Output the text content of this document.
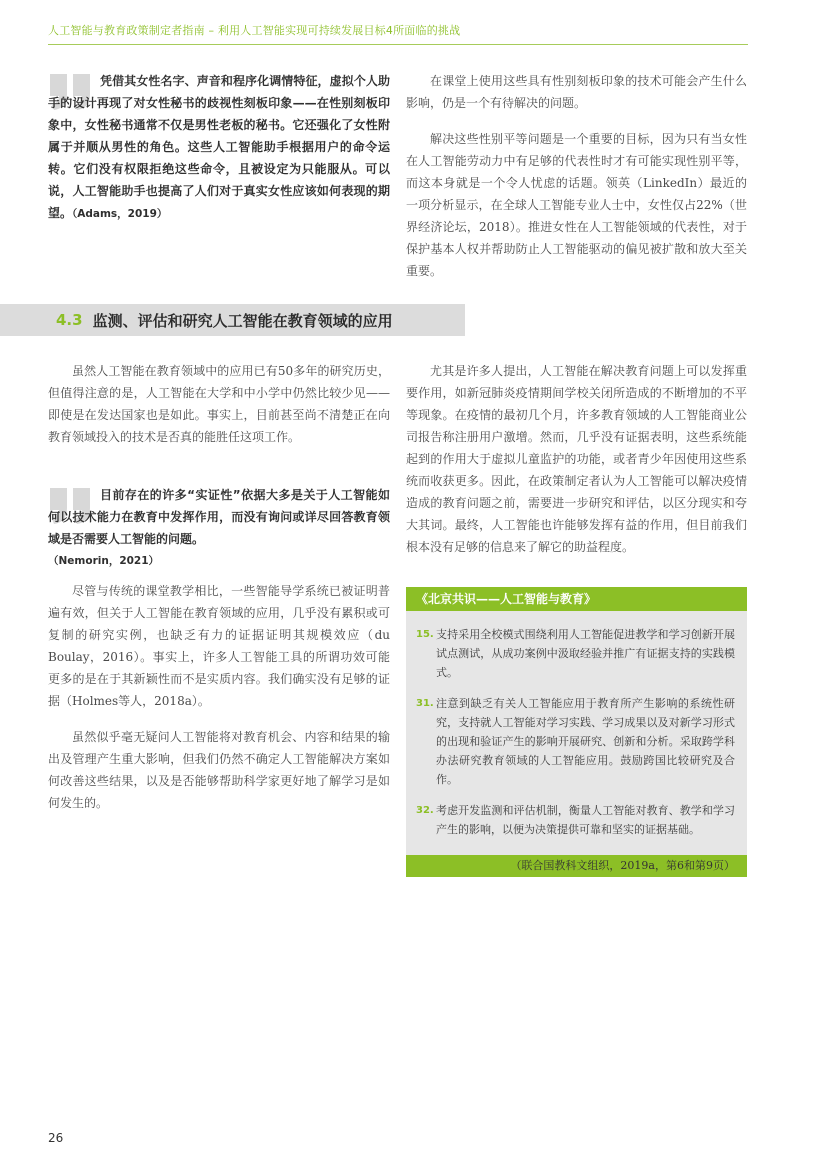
人工智能与教育政策制定者指南 – 利用人工智能实现可持续发展目标4所面临的挑战

凭借其女性名字、声音和程序化调情特征，虚拟个人助手的设计再现了对女性秘书的歧视性刻板印象——在性别刻板印象中，女性秘书通常不仅是男性老板的秘书。它还强化了女性附属于并顺从男性的角色。这些人工智能助手根据用户的命令运转。它们没有权限拒绝这些命令，且被设定为只能服从。可以说，人工智能助手也提高了人们对于真实女性应该如何表现的期望。（Adams，2019）

在课堂上使用这些具有性别刻板印象的技术可能会产生什么影响，仍是一个有待解决的问题。

解决这些性别平等问题是一个重要的目标，因为只有当女性在人工智能劳动力中有足够的代表性时才有可能实现性别平等，而这本身就是一个令人忧虑的话题。领英（LinkedIn）最近的一项分析显示，在全球人工智能专业人士中，女性仅占22%（世界经济论坛，2018）。推进女性在人工智能领域的代表性，对于保护基本人权并帮助防止人工智能驱动的偏见被扩散和放大至关重要。

4.3 监测、评估和研究人工智能在教育领域的应用

虽然人工智能在教育领域中的应用已有50多年的研究历史，但值得注意的是，人工智能在大学和中小学中仍然比较少见——即使是在发达国家也是如此。事实上，目前甚至尚不清楚正在向教育领域投入的技术是否真的能胜任这项工作。

目前存在的许多“实证性”依据大多是关于人工智能如何以技术能力在教育中发挥作用，而没有询问或详尽回答教育领域是否需要人工智能的问题。

（Nemorin，2021）

尽管与传统的课堂教学相比，一些智能导学系统已被证明普遍有效，但关于人工智能在教育领域的应用，几乎没有累积或可复制的研究实例，也缺乏有力的证据证明其规模效应（du Boulay，2016）。事实上，许多人工智能工具的所谓功效可能更多的是在于其新颖性而不是实质内容。我们确实没有足够的证据（Holmes等人，2018a）。

虽然似乎毫无疑问人工智能将对教育机会、内容和结果的输出及管理产生重大影响，但我们仍然不确定人工智能解决方案如何改善这些结果，以及是否能够帮助科学家更好地了解学习是如何发生的。

尤其是许多人提出，人工智能在解决教育问题上可以发挥重要作用，如新冠肺炎疫情期间学校关闭所造成的不断增加的不平等现象。在疫情的最初几个月，许多教育领域的人工智能商业公司报告称注册用户激增。然而，几乎没有证据表明，这些系统能起到的作用大于虚拟儿童监护的功能，或者青少年因使用这些系统而收获更多。因此，在政策制定者认为人工智能可以解决疫情造成的教育问题之前，需要进一步研究和评估，以区分现实和夸大其词。最终，人工智能也许能够发挥有益的作用，但目前我们根本没有足够的信息来了解它的助益程度。

《北京共识——人工智能与教育》
15. 支持采用全校模式围绕利用人工智能促进教学和学习创新开展试点测试，从成功案例中汲取经验并推广有证据支持的实践模式。
31. 注意到缺乏有关人工智能应用于教育所产生影响的系统性研究，支持就人工智能对学习实践、学习成果以及对新学习形式的出现和验证产生的影响开展研究、创新和分析。采取跨学科办法研究教育领域的人工智能应用。鼓励跨国比较研究及合作。
32. 考虑开发监测和评估机制，衡量人工智能对教育、教学和学习产生的影响，以便为决策提供可靠和坚实的证据基础。
（联合国教科文组织，2019a，第6和第9页）
26
